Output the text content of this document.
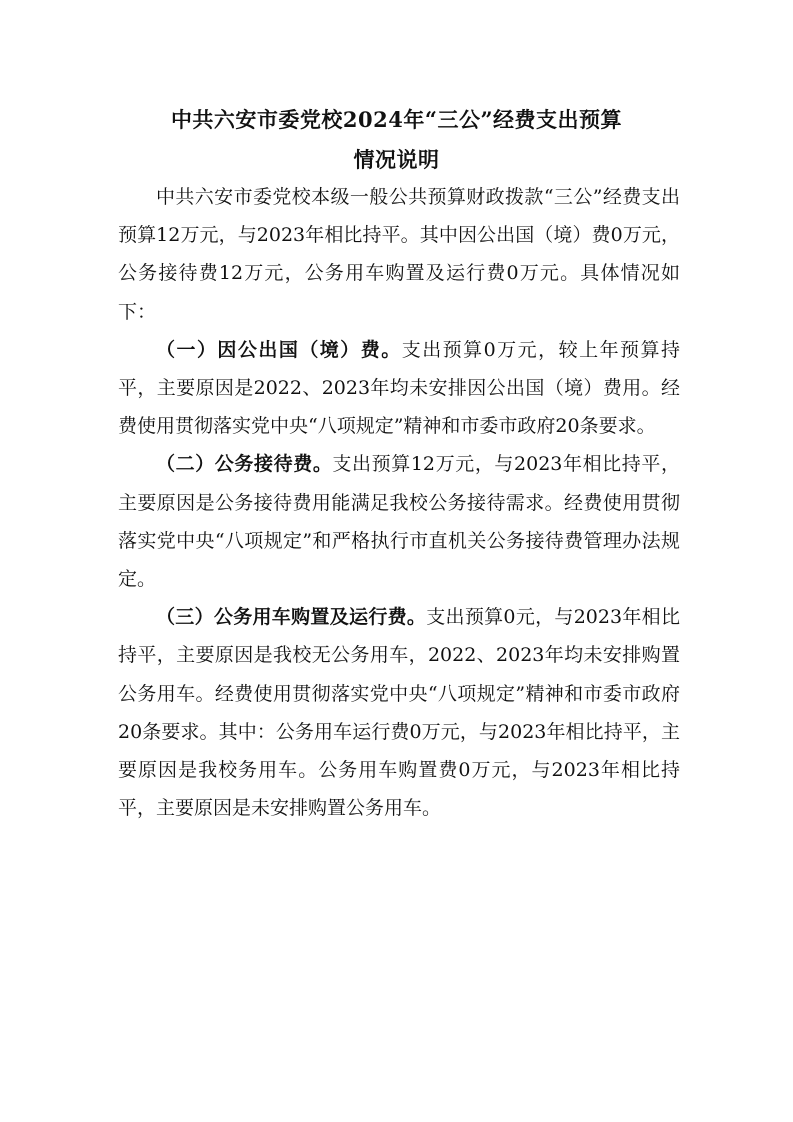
中共六安市委党校2024年“三公”经费支出预算
情况说明

中共六安市委党校本级一般公共预算财政拨款“三公”经费支出预算12万元，与2023年相比持平。其中因公出国（境）费0万元，公务接待费12万元，公务用车购置及运行费0万元。具体情况如下：

（一）因公出国（境）费。支出预算0万元，较上年预算持平，主要原因是2022、2023年均未安排因公出国（境）费用。经费使用贯彻落实党中央“八项规定”精神和市委市政府20条要求。

（二）公务接待费。支出预算12万元，与2023年相比持平，主要原因是公务接待费用能满足我校公务接待需求。经费使用贯彻落实党中央“八项规定”和严格执行市直机关公务接待费管理办法规定。

（三）公务用车购置及运行费。支出预算0元，与2023年相比持平，主要原因是我校无公务用车，2022、2023年均未安排购置公务用车。经费使用贯彻落实党中央“八项规定”精神和市委市政府20条要求。其中：公务用车运行费0万元，与2023年相比持平，主要原因是我校务用车。公务用车购置费0万元，与2023年相比持平，主要原因是未安排购置公务用车。
